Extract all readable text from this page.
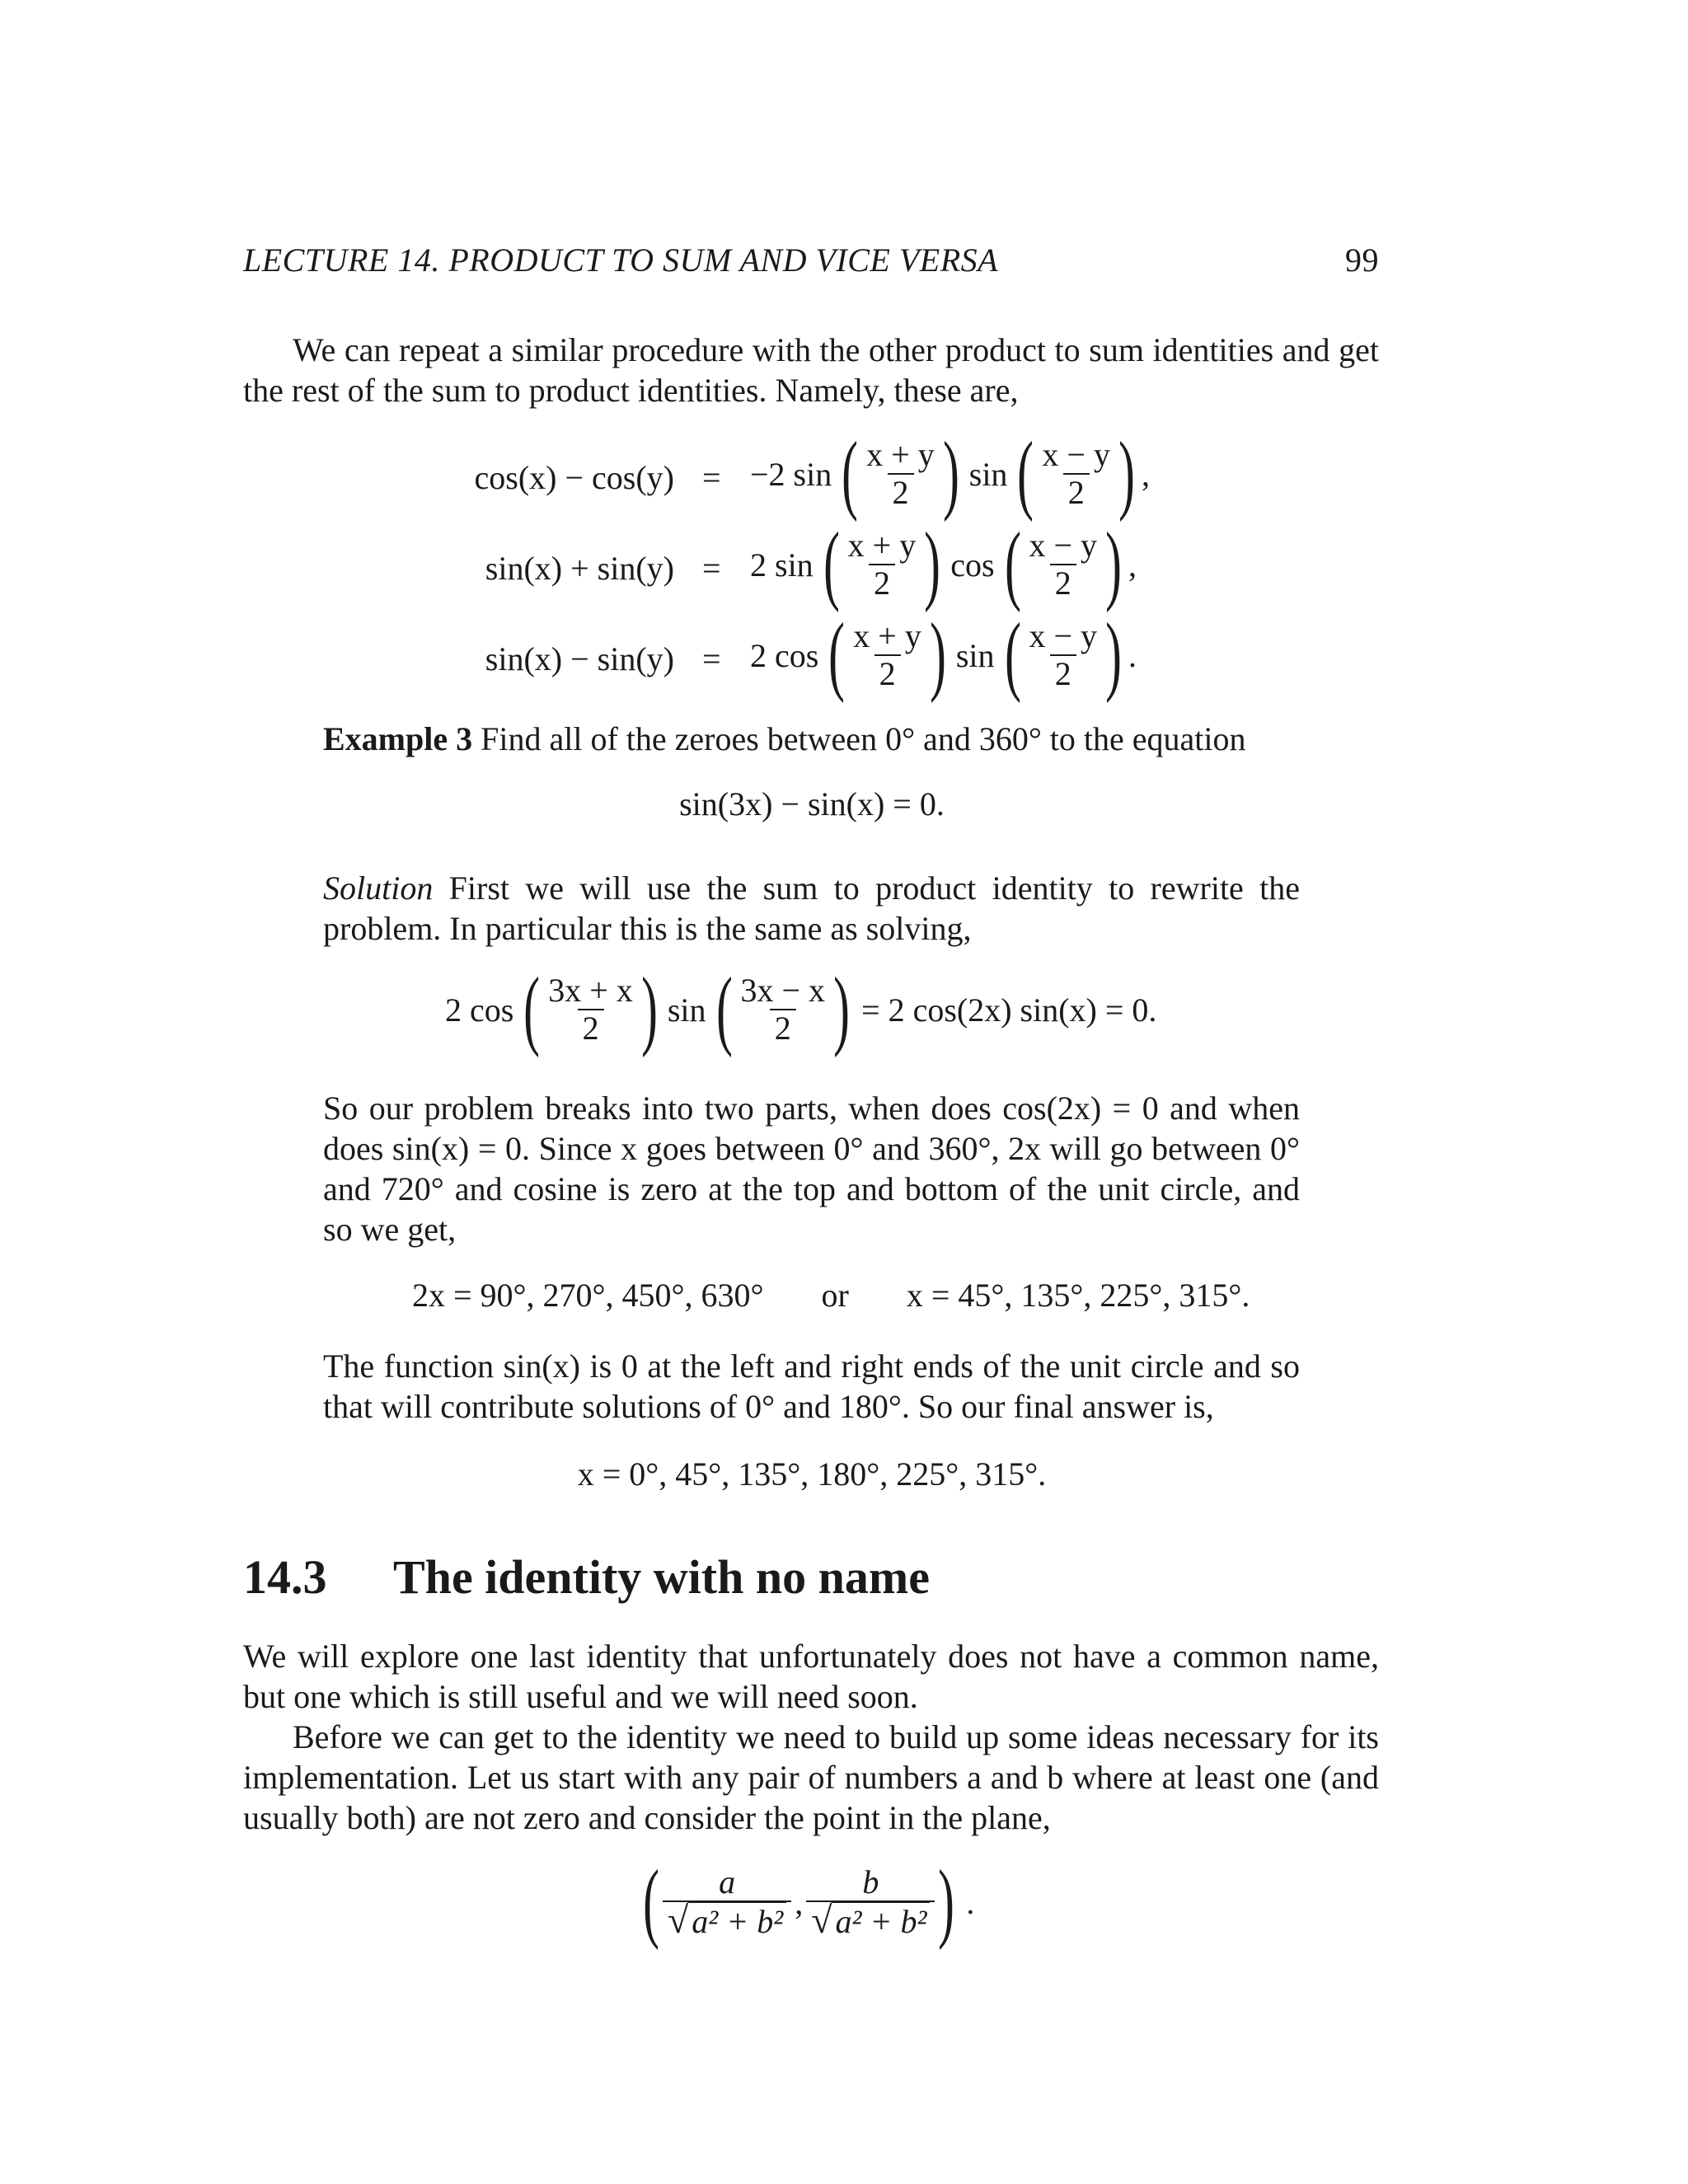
LECTURE 14. PRODUCT TO SUM AND VICE VERSA	99

We can repeat a similar procedure with the other product to sum identities and get the rest of the sum to product identities. Namely, these are,

cos(x) − cos(y) = −2 sin ( $\frac{x + y}{2}$ ) sin ( $\frac{x - y}{2}$ ) ,
sin(x) + sin(y) = 2 sin ( $\frac{x + y}{2}$ ) cos ( $\frac{x - y}{2}$ ) ,
sin(x) − sin(y) = 2 cos ( $\frac{x + y}{2}$ ) sin ( $\frac{x - y}{2}$ ) .

Example 3 Find all of the zeroes between 0° and 360° to the equation

sin(3x) − sin(x) = 0.

Solution First we will use the sum to product identity to rewrite the problem. In particular this is the same as solving,

2 cos ( $\frac{3x + x}{2}$ ) sin ( $\frac{3x - x}{2}$ ) = 2 cos(2x) sin(x) = 0.

So our problem breaks into two parts, when does cos(2x) = 0 and when does sin(x) = 0. Since x goes between 0° and 360°, 2x will go between 0° and 720° and cosine is zero at the top and bottom of the unit circle, and so we get,

2x = 90°, 270°, 450°, 630° or x = 45°, 135°, 225°, 315°.

The function sin(x) is 0 at the left and right ends of the unit circle and so that will contribute solutions of 0° and 180°. So our final answer is,

x = 0°, 45°, 135°, 180°, 225°, 315°.
14.3 The identity with no name

We will explore one last identity that unfortunately does not have a common name, but one which is still useful and we will need soon.

Before we can get to the identity we need to build up some ideas necessary for its implementation. Let us start with any pair of numbers a and b where at least one (and usually both) are not zero and consider the point in the plane,

( $\frac{a}{\text{√ a² + b²}}$ , $\frac{b}{\text{√ a² + b²}}$ ) .
